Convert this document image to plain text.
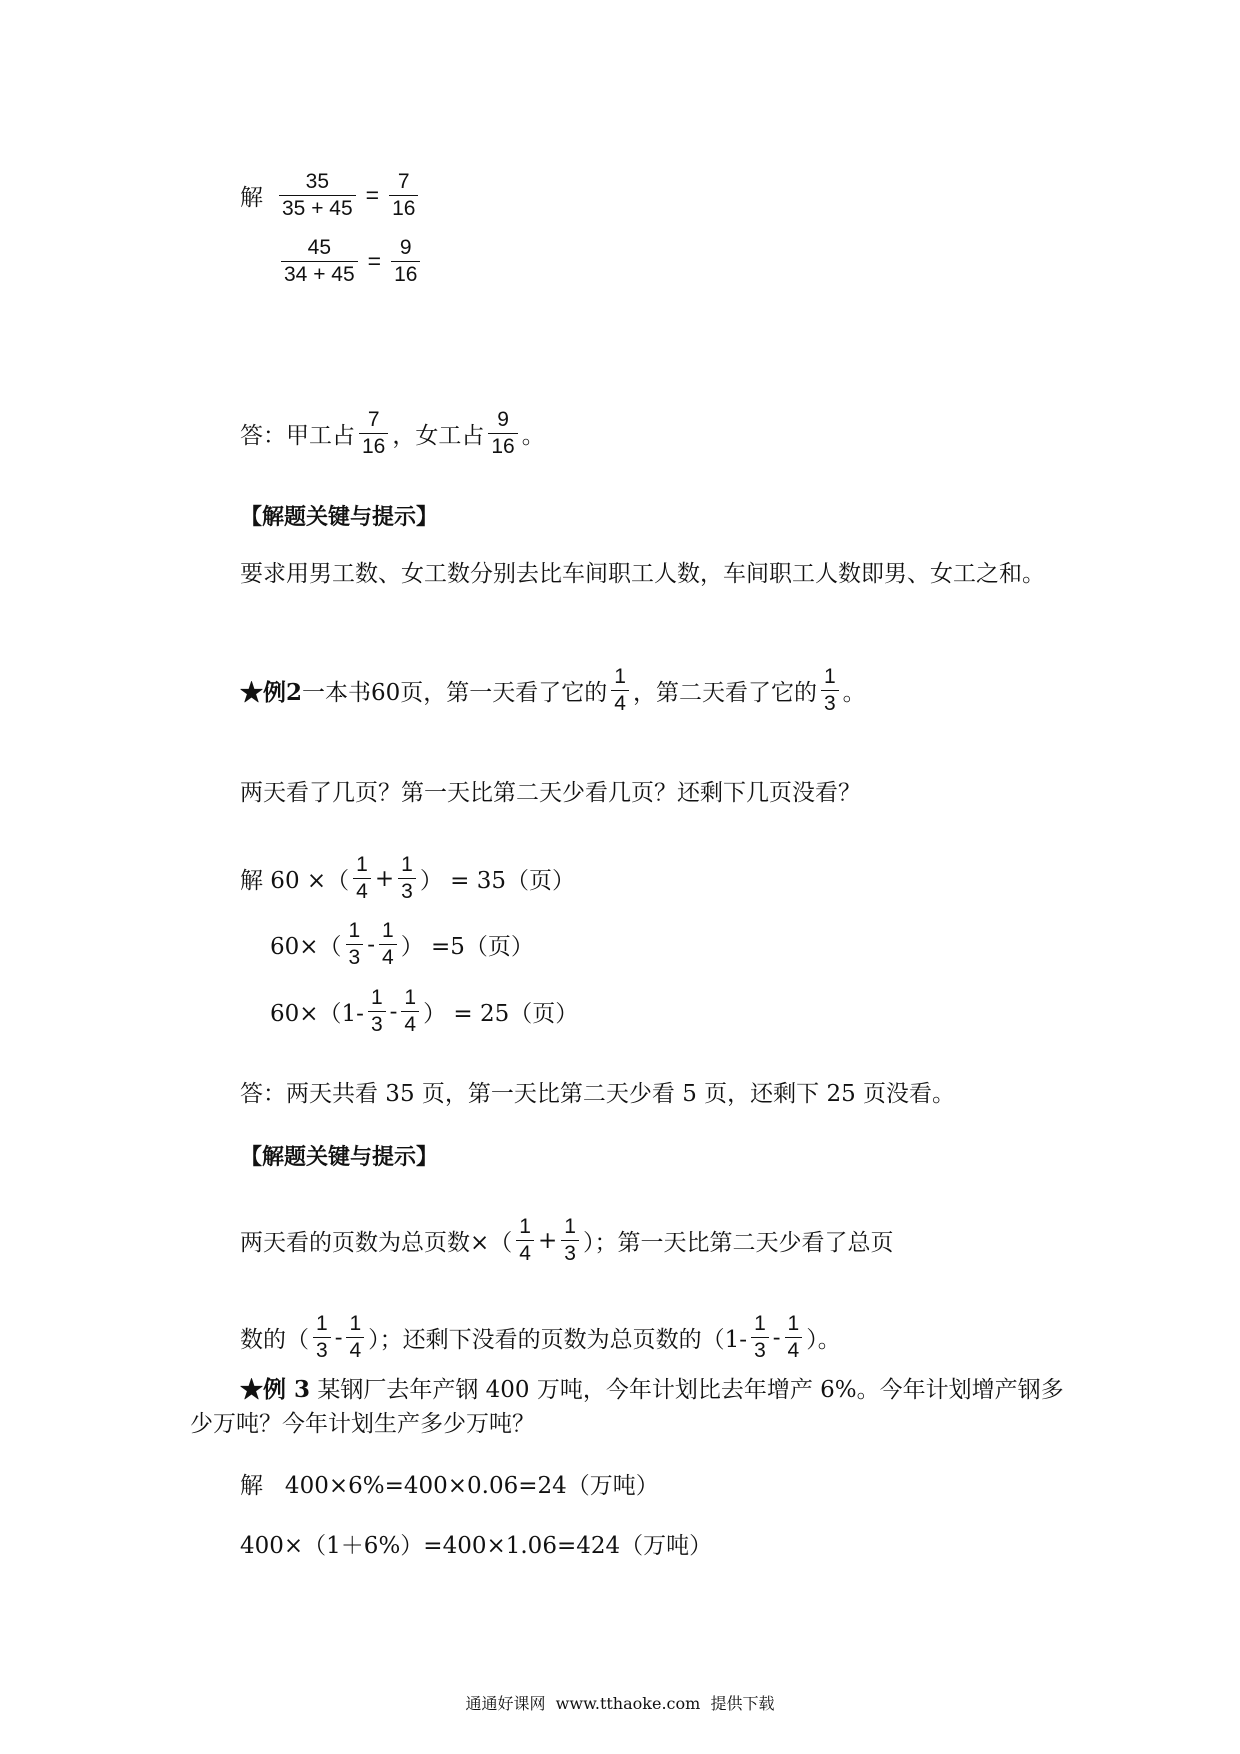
解 $\frac{35}{35 + 45} = \frac{7}{16}$
$\frac{45}{34 + 45} = \frac{9}{16}$
答：甲工占 $\frac{7}{16}$ ，女工占 $\frac{9}{16}$ 。
【解题关键与提示】
要求用男工数、女工数分别去比车间职工人数，车间职工人数即男、女工之和。
★例2 一本书60页，第一天看了它的 $\frac{1}{4}$ ，第二天看了它的 $\frac{1}{3}$ 。
两天看了几页？第一天比第二天少看几页？还剩下几页没看？
解 60 ×（ $\frac{1}{4} + \frac{1}{3}$ ） = 35（页）
$60\times( \frac{1}{3} - \frac{1}{4}$ ） =5（页）
$60\times(1- \frac{1}{3} - \frac{1}{4}$ ） = 25（页）
答：两天共看 35 页，第一天比第二天少看 5 页，还剩下 25 页没看。
【解题关键与提示】
两天看的页数为总页数×（ $\frac{1}{4} + \frac{1}{3}$ ）；第一天比第二天少看了总页
数的（ $\frac{1}{3} - \frac{1}{4}$ ）；还剩下没看的页数为总页数的（$1- \frac{1}{3} - \frac{1}{4}$ ）。
★例 3 某钢厂去年产钢 400 万吨，今年计划比去年增产 6%。今年计划增产钢多少万吨？今年计划生产多少万吨？
解   400×6%=400×0.06=24（万吨）
400×（1＋6%）=400×1.06=424（万吨）
通通好课网  www.tthaoke.com  提供下载
